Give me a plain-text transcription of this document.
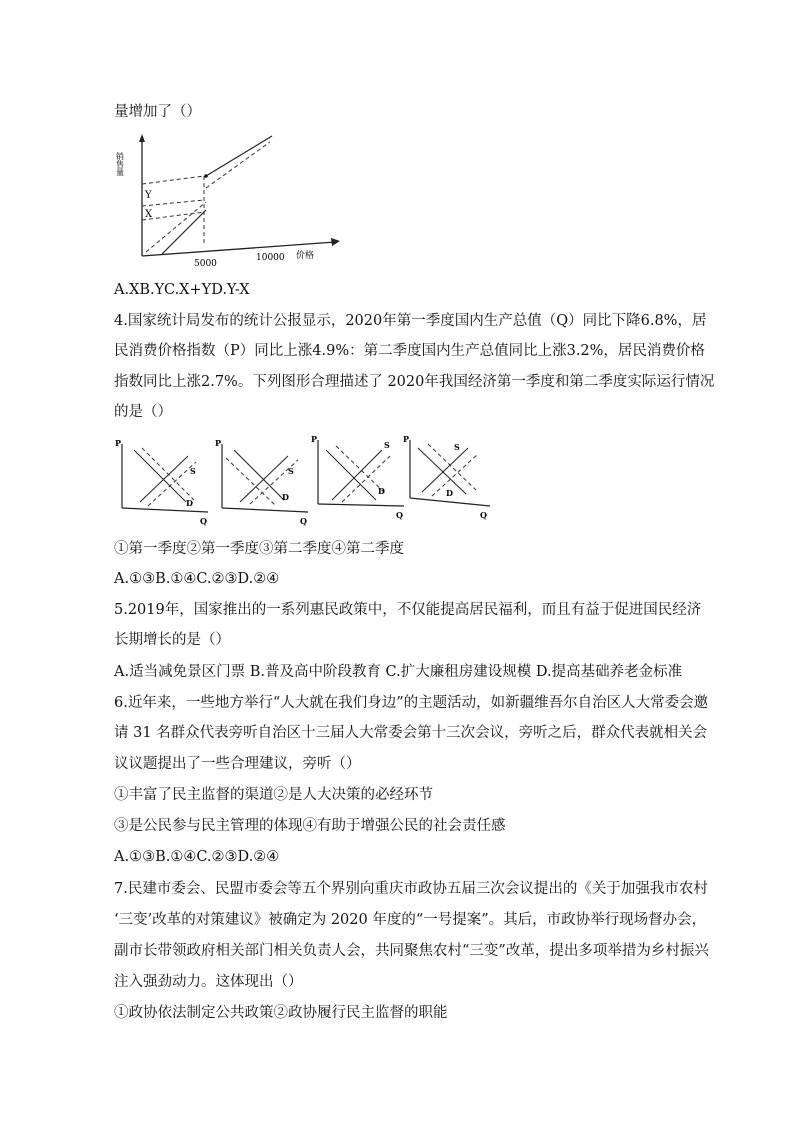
量增加了（）
销售量
Y
X
5000
10000 价格
A.XB.YC.X+YD.Y-X
4.国家统计局发布的统计公报显示，2020年第一季度国内生产总值（Q）同比下降6.8%，居
民消费价格指数（P）同比上涨4.9%：第二季度国内生产总值同比上涨3.2%，居民消费价格
指数同比上涨2.7%。下列图形合理描述了 2020年我国经济第一季度和第二季度实际运行情况
的是（）
P
Q
S
D
P
Q
S
D
P
Q
S
D
P
Q
S
D
①第一季度②第一季度③第二季度④第二季度
A.①③B.①④C.②③D.②④
5.2019年，国家推出的一系列惠民政策中，不仅能提高居民福利，而且有益于促进国民经济
长期增长的是（）
A.适当减免景区门票 B.普及高中阶段教育 C.扩大廉租房建设规模 D.提高基础养老金标准
6.近年来，一些地方举行“人大就在我们身边”的主题活动，如新疆维吾尔自治区人大常委会邀
请 31 名群众代表旁听自治区十三届人大常委会第十三次会议，旁听之后，群众代表就相关会
议议题提出了一些合理建议，旁听（）
①丰富了民主监督的渠道②是人大决策的必经环节
③是公民参与民主管理的体现④有助于增强公民的社会责任感
A.①③B.①④C.②③D.②④
7.民建市委会、民盟市委会等五个界别向重庆市政协五届三次会议提出的《关于加强我市农村
‘三变’改革的对策建议》被确定为 2020 年度的“一号提案”。其后，市政协举行现场督办会，
副市长带领政府相关部门相关负责人会，共同聚焦农村“三变”改革，提出多项举措为乡村振兴
注入强劲动力。这体现出（）
①政协依法制定公共政策②政协履行民主监督的职能
